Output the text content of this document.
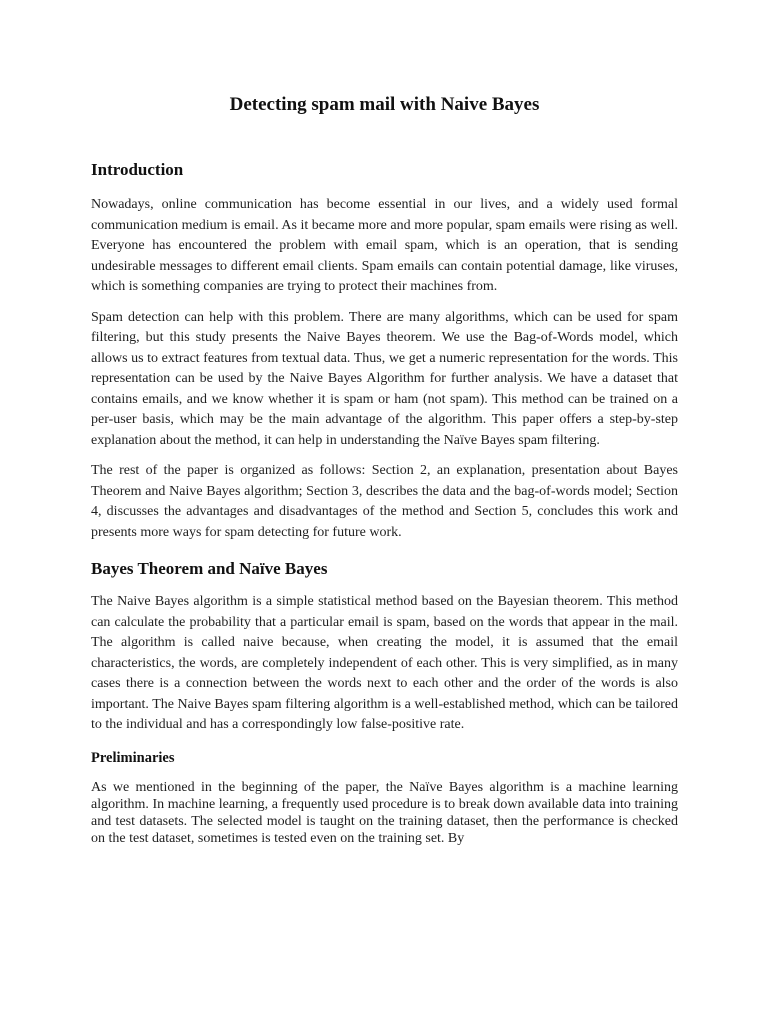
Detecting spam mail with Naive Bayes
Introduction

Nowadays, online communication has become essential in our lives, and a widely used formal communication medium is email. As it became more and more popular, spam emails were rising as well. Everyone has encountered the problem with email spam, which is an operation, that is sending undesirable messages to different email clients. Spam emails can contain potential damage, like viruses, which is something companies are trying to protect their machines from.

Spam detection can help with this problem. There are many algorithms, which can be used for spam filtering, but this study presents the Naive Bayes theorem. We use the Bag-of-Words model, which allows us to extract features from textual data. Thus, we get a numeric representation for the words. This representation can be used by the Naive Bayes Algorithm for further analysis. We have a dataset that contains emails, and we know whether it is spam or ham (not spam). This method can be trained on a per-user basis, which may be the main advantage of the algorithm. This paper offers a step-by-step explanation about the method, it can help in understanding the Naïve Bayes spam filtering.

The rest of the paper is organized as follows: Section 2, an explanation, presentation about Bayes Theorem and Naive Bayes algorithm; Section 3, describes the data and the bag-of-words model; Section 4, discusses the advantages and disadvantages of the method and Section 5, concludes this work and presents more ways for spam detecting for future work.

Bayes Theorem and Naïve Bayes

The Naive Bayes algorithm is a simple statistical method based on the Bayesian theorem. This method can calculate the probability that a particular email is spam, based on the words that appear in the mail. The algorithm is called naive because, when creating the model, it is assumed that the email characteristics, the words, are completely independent of each other. This is very simplified, as in many cases there is a connection between the words next to each other and the order of the words is also important. The Naive Bayes spam filtering algorithm is a well-established method, which can be tailored to the individual and has a correspondingly low false-positive rate.

Preliminaries

As we mentioned in the beginning of the paper, the Naïve Bayes algorithm is a machine learning algorithm. In machine learning, a frequently used procedure is to break down available data into training and test datasets. The selected model is taught on the training dataset, then the performance is checked on the test dataset, sometimes is tested even on the training set. By
